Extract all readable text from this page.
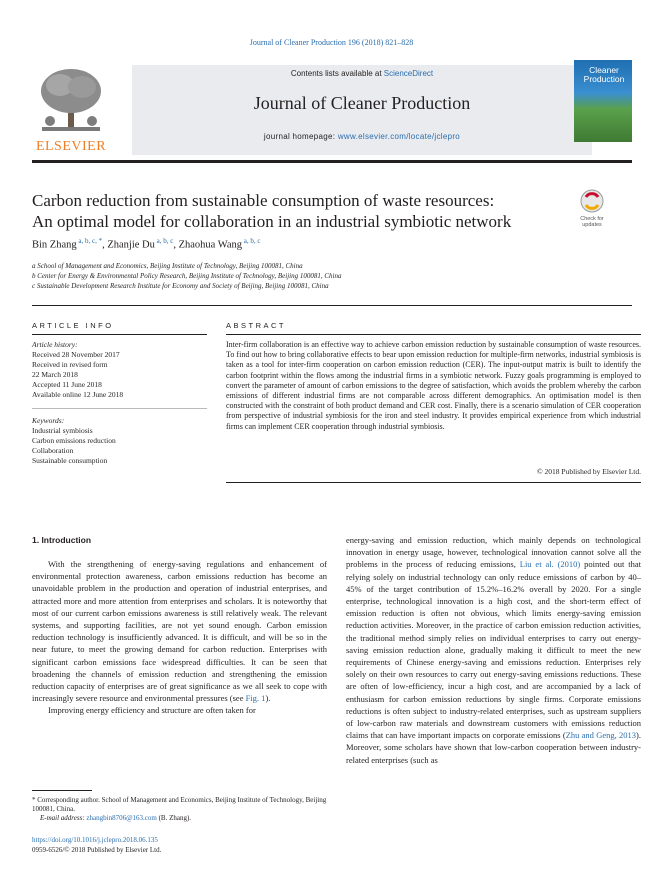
Journal of Cleaner Production 196 (2018) 821–828
ELSEVIER
Contents lists available at ScienceDirect
Journal of Cleaner Production
journal homepage: www.elsevier.com/locate/jclepro
Cleaner Production
Carbon reduction from sustainable consumption of waste resources:
An optimal model for collaboration in an industrial symbiotic network	Check for updates
Bin Zhang $^{a, b, c, *}$, Zhanjie Du $^{a, b, c}$, Zhaohua Wang $^{a, b, c}$
a School of Management and Economics, Beijing Institute of Technology, Beijing 100081, China
b Center for Energy & Environmental Policy Research, Beijing Institute of Technology, Beijing 100081, China
c Sustainable Development Research Institute for Economy and Society of Beijing, Beijing 100081, China
ARTICLE INFO
Article history:
Received 28 November 2017
Received in revised form
22 March 2018
Accepted 11 June 2018
Available online 12 June 2018
Keywords:
Industrial symbiosis
Carbon emissions reduction
Collaboration
Sustainable consumption
ABSTRACT
Inter-firm collaboration is an effective way to achieve carbon emission reduction by sustainable consumption of waste resources. To find out how to bring collaborative effects to bear upon emission reduction for multiple-firm networks, industrial symbiosis is taken as a tool for inter-firm cooperation on carbon emission reduction (CER). The input-output matrix is built to identify the carbon footprint within the flows among the industrial firms in a symbiotic network. Fuzzy goals programming is employed to convert the parameter of amount of carbon emissions to the degree of satisfaction, which avoids the problem whereby the carbon emissions of different industrial firms are not comparable across different demographics. An optimisation model is then constructed with the constraint of both product demand and CER cost. Finally, there is a scenario simulation of CER cooperation from perspective of industrial symbiosis for the iron and steel industry. It provides empirical experience from which industrial firms can implement CER cooperation through industrial symbiosis.
© 2018 Published by Elsevier Ltd.
1. Introduction
With the strengthening of energy-saving regulations and enhancement of environmental protection awareness, carbon emissions reduction has become an unavoidable problem in the production and operation of industrial enterprises, and attracted more and more attention from enterprises and scholars. It is noteworthy that most of our current carbon emissions awareness is still relatively weak. The relevant systems, and supporting facilities, are not yet sound enough. Carbon emission reduction technology is insufficiently advanced. It is difficult, and will be so in the near future, to meet the growing demand for carbon reduction. Enterprises with significant carbon emissions face widespread difficulties. It can be seen that broadening the channels of emission reduction and strengthening the emission reduction capacity of enterprises are of great significance as we all seek to cope with increasingly severe resource and environmental pressures (see Fig. 1).
Improving energy efficiency and structure are often taken for
energy-saving and emission reduction, which mainly depends on technological innovation in energy usage, however, technological innovation cannot solve all the problems in the process of reducing emissions, Liu et al. (2010) pointed out that relying solely on industrial technology can only reduce emissions of carbon by 40–45% of the target contribution of 15.2%–16.2% overall by 2020. For a single enterprise, technological innovation is a high cost, and the short-term effect of emission reduction is often not obvious, which limits energy-saving emission reduction activities. Moreover, in the practice of carbon emission reduction activities, the traditional method simply relies on individual enterprises to carry out energy-saving emission reduction alone, gradually making it difficult to meet the new requirements of Chinese energy-saving and emissions reduction. Enterprises rely solely on their own resources to carry out energy-saving emissions reductions. These are often of low-efficiency, incur a high cost, and are accompanied by a lack of enthusiasm for carbon emission reductions by single firms. Corporate emissions reductions is often subject to industry-related enterprises, such as upstream suppliers of low-carbon raw materials and downstream customers with emissions reduction claims that can have important impacts on corporate emissions (Zhu and Geng, 2013). Moreover, some scholars have shown that low-carbon cooperation between industry-related enterprises (such as
* Corresponding author. School of Management and Economics, Beijing Institute of Technology, Beijing 100081, China.
E-mail address: zhangbin8706@163.com (B. Zhang).
https://doi.org/10.1016/j.jclepro.2018.06.135
0959-6526/© 2018 Published by Elsevier Ltd.
